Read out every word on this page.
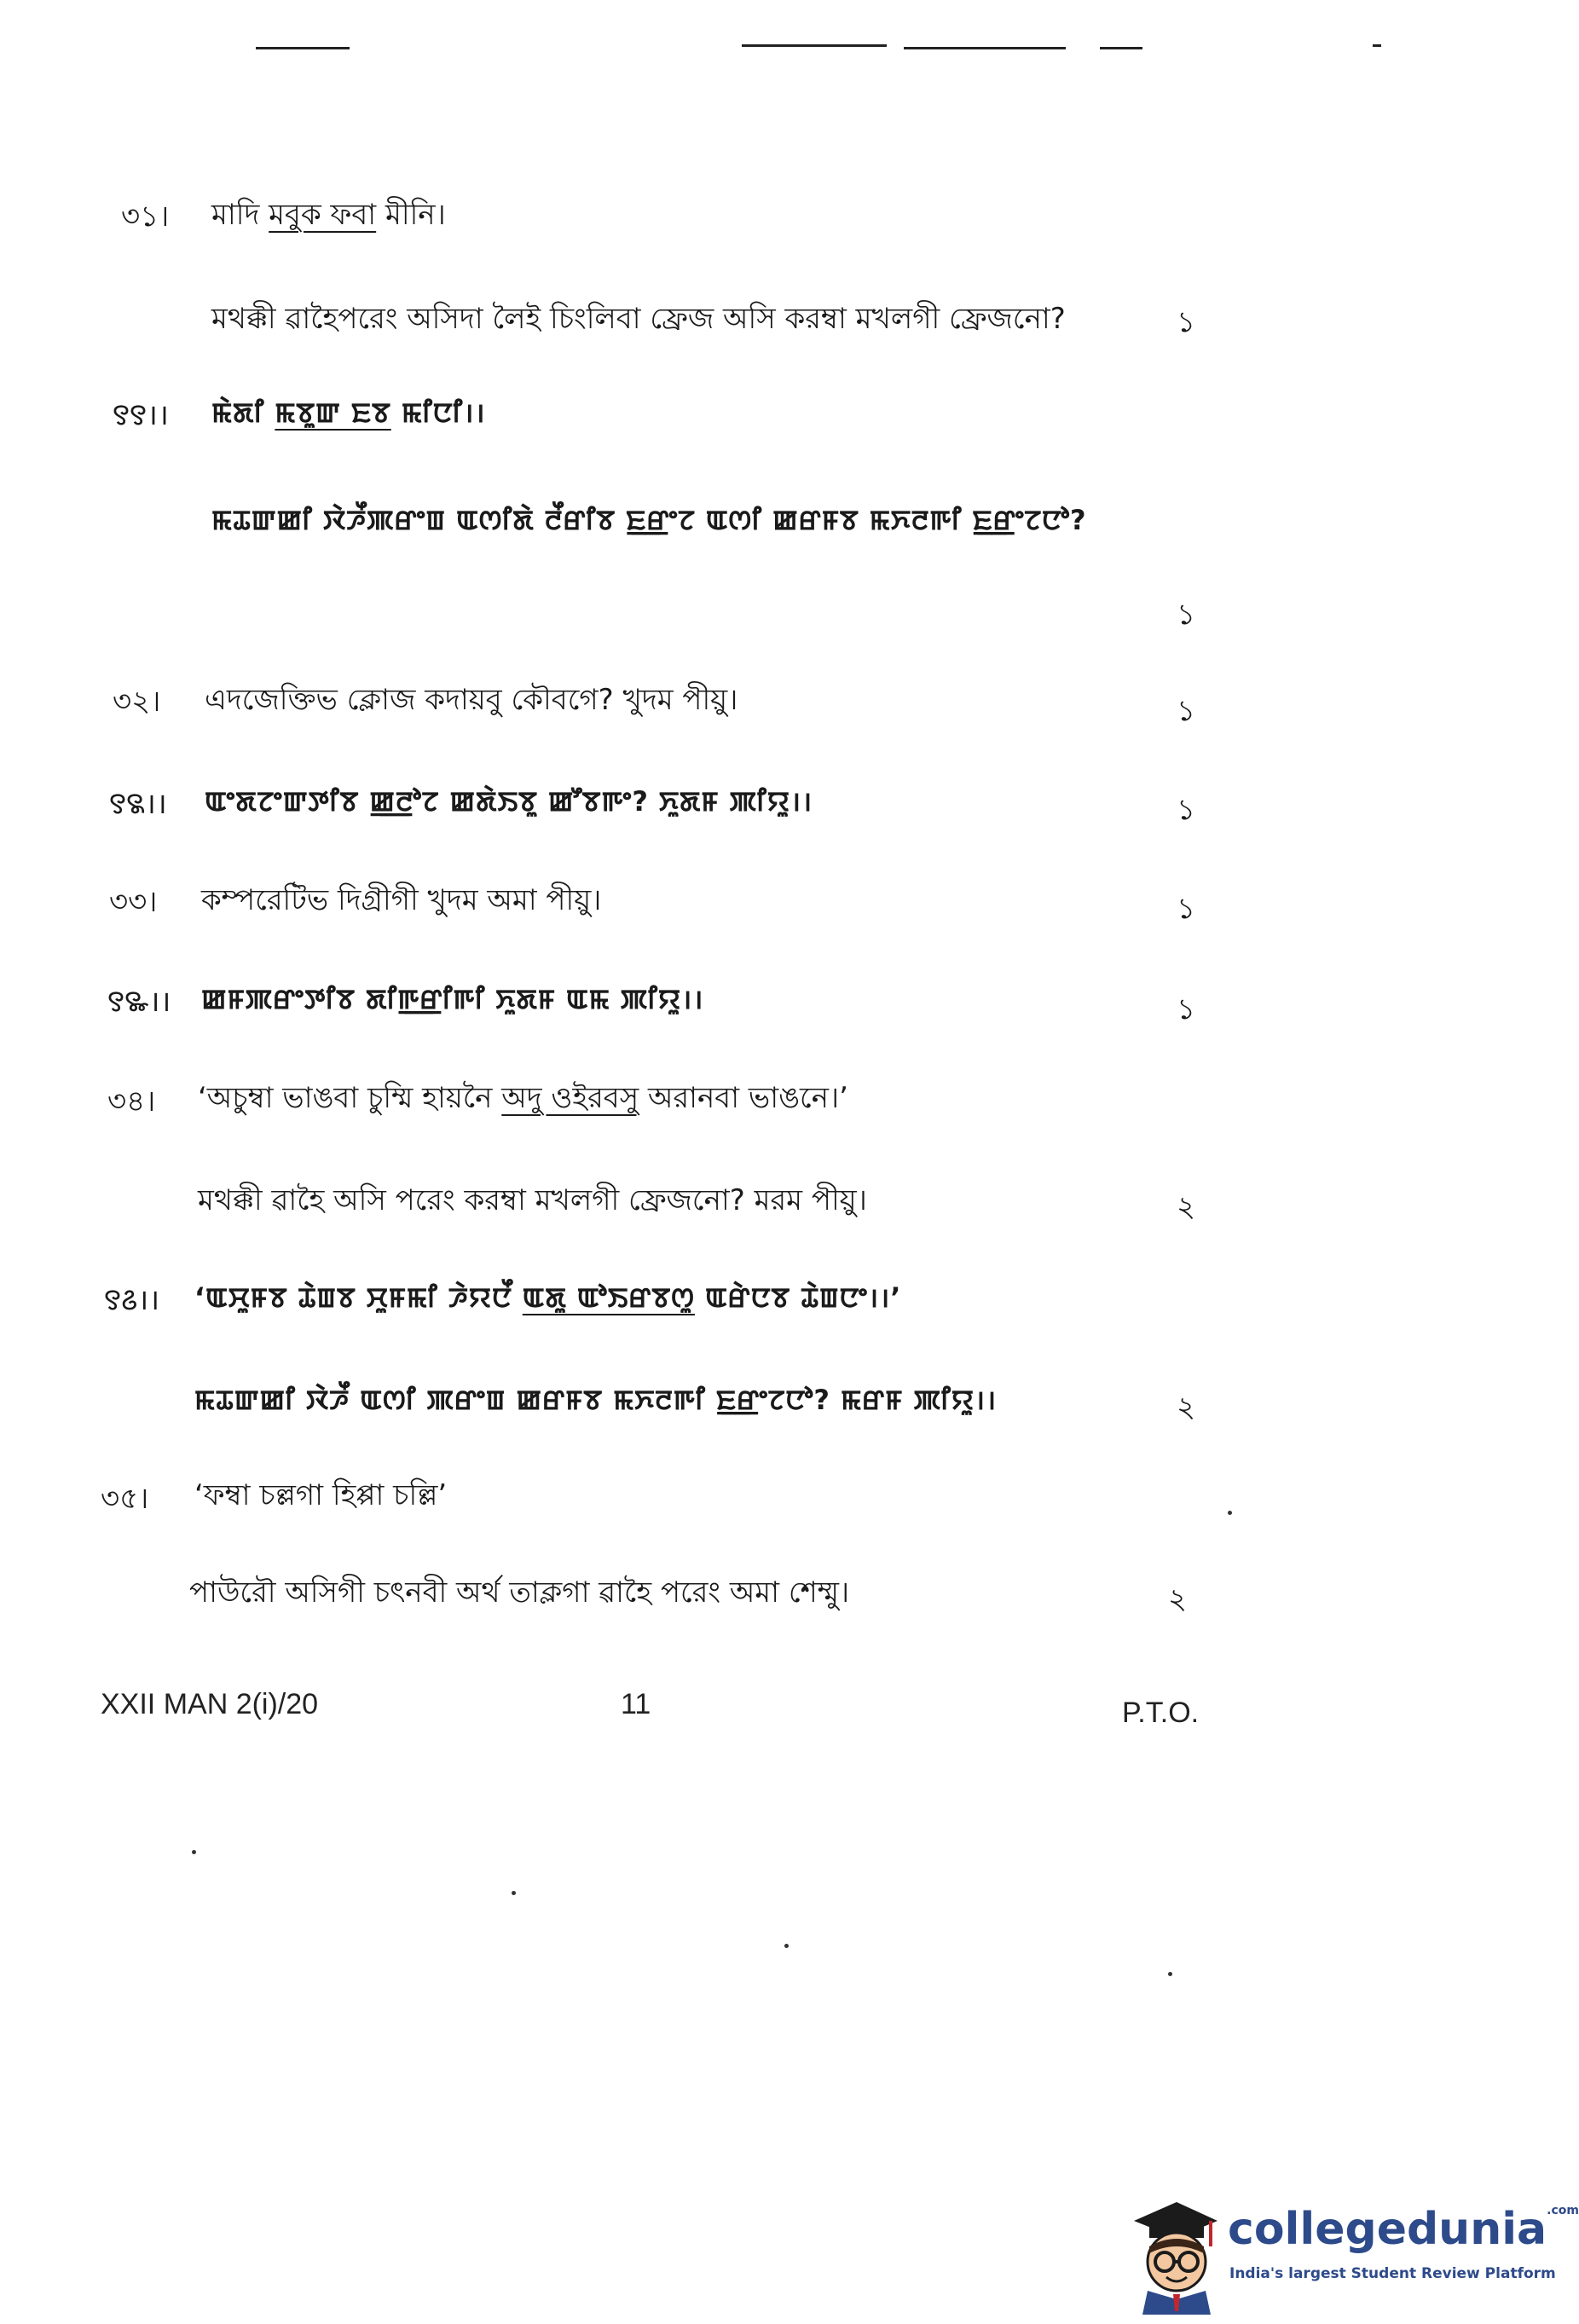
৩১। মাদি মবুক ফবা মীনি।
মথক্কী ৱাহৈপরেং অসিদা লৈই চিংলিবা ফ্রেজ অসি করম্বা মখলগী ফ্রেজনো?	১
꯱꯱।। ꯃꯥꯗꯤ ꯃꯕꯨꯛ ꯐꯕ ꯃꯤꯅꯤ।।
ꯃꯊꯛꯀꯤ ꯋꯥꯍꯩꯄꯔꯦꯡ ꯑꯁꯤꯗꯥ ꯂꯩꯔꯤꯕ ꯐ꯭ꯔꯦꯖ ꯑꯁꯤ ꯀꯔꯝꯕ ꯃꯈꯂꯒꯤ ꯐ꯭ꯔꯦꯖꯅꯣ?
১
৩২। এদজেক্তিভ ক্লোজ কদায়বু কৌবগে? খুদম পীয়ু।	১
꯱꯲।। ꯑꯦꯗꯖꯦꯛꯇꯤꯕ ꯀ꯭ꯂꯣꯖ ꯀꯗꯥꯏꯕꯨ ꯀꯧꯕꯒꯦ? ꯈꯨꯗꯝ ꯄꯤꯌꯨ।।	১
৩৩। কম্পরেটিভ দিগ্রীগী খুদম অমা পীয়ু।	১
꯱꯳।। ꯀꯝꯄꯔꯦꯇꯤꯕ ꯗꯤꯒ꯭ꯔꯤꯒꯤ ꯈꯨꯗꯝ ꯑꯃ ꯄꯤꯌꯨ।।	১
৩৪। ‘অচুম্বা ভাঙবা চুম্মি হায়নৈ অদু ওইরবসু অরানবা ভাঙনে।’
মথক্কী ৱাহৈ অসি পরেং করম্বা মখলগী ফ্রেজনো? মরম পীয়ু।	২
꯱꯴।। ‘ꯑꯆꯨꯝꯕ ꯊꯥꯡꯕ ꯆꯨꯝꯃꯤ ꯍꯥꯌꯅꯩ ꯑꯗꯨ ꯑꯣꯏꯔꯕꯁꯨ ꯑꯔꯥꯅꯕ ꯊꯥꯡꯅꯦ।।’
ꯃꯊꯛꯀꯤ ꯋꯥꯍꯩ ꯑꯁꯤ ꯄꯔꯦꯡ ꯀꯔꯝꯕ ꯃꯈꯂꯒꯤ ꯐ꯭ꯔꯦꯖꯅꯣ? ꯃꯔꯝ ꯄꯤꯌꯨ।।	২
৩৫। ‘ফম্বা চল্লগা হিপ্পা চল্লি’
পাউরৌ অসিগী চৎনবী অর্থ তাক্লগা ৱাহৈ পরেং অমা শেম্মু।	২
XXII MAN 2(i)/20	11	P.T.O.
collegedunia$^{.com}$
India's largest Student Review Platform
